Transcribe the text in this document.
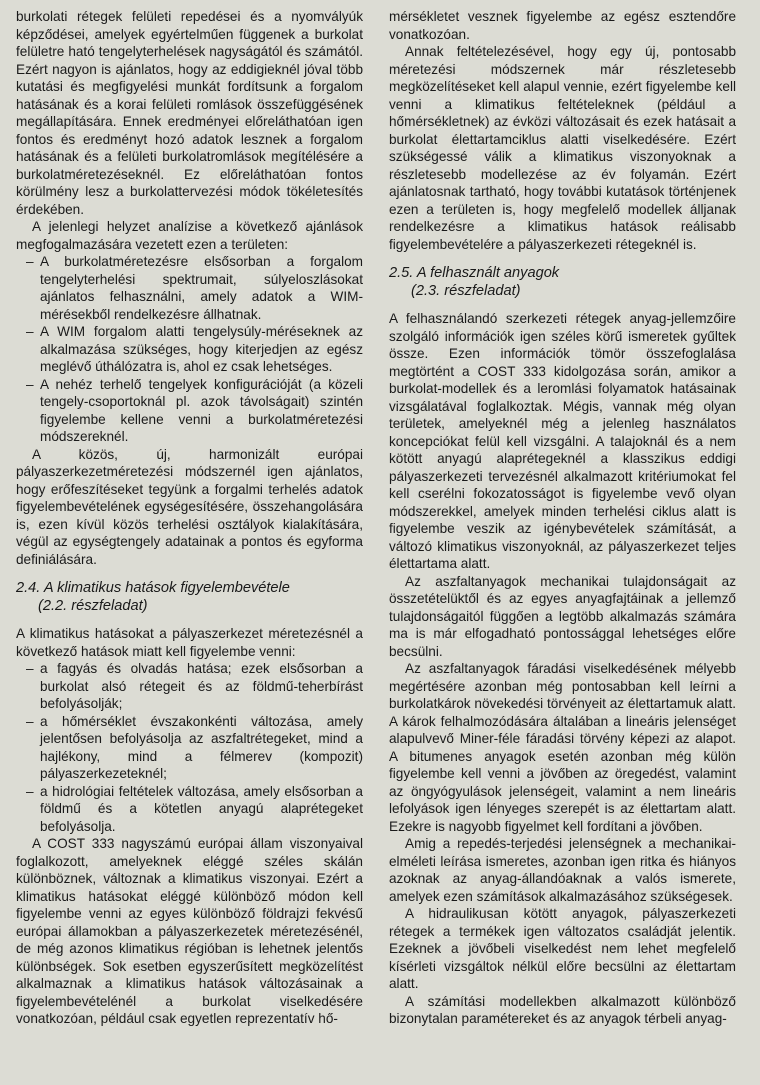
burkolati rétegek felületi repedései és a nyomvályúk képződései, amelyek egyértelműen függenek a burkolat felületre ható tengelyterhelések nagyságától és számától. Ezért nagyon is ajánlatos, hogy az eddigieknél jóval több kutatási és megfigyelési munkát fordítsunk a forgalom hatásának és a korai felületi romlások összefüggésének megállapítására. Ennek eredményei előreláthatóan igen fontos és eredményt hozó adatok lesznek a forgalom hatásának és a felületi burkolatromlások megítélésére a burkolatméretezéseknél. Ez előreláthatóan fontos körülmény lesz a burkolattervezési módok tökéletesítés érdekében.

A jelenlegi helyzet analízise a következő ajánlások megfogalmazására vezetett ezen a területen:

– A burkolatméretezésre elsősorban a forgalom tengelyterhelési spektrumait, súlyeloszlásokat ajánlatos felhasználni, amely adatok a WIM-mérésekből rendelkezésre állhatnak.
– A WIM forgalom alatti tengelysúly-méréseknek az alkalmazása szükséges, hogy kiterjedjen az egész meglévő úthálózatra is, ahol ez csak lehetséges.
– A nehéz terhelő tengelyek konfigurációját (a közeli tengely-csoportoknál pl. azok távolságait) szintén figyelembe kellene venni a burkolatméretezési módszereknél.

A közös, új, harmonizált európai pályaszerkezetméretezési módszernél igen ajánlatos, hogy erőfeszítéseket tegyünk a forgalmi terhelés adatok figyelembevételének egységesítésére, összehangolására is, ezen kívül közös terhelési osztályok kialakítására, végül az egységtengely adatainak a pontos és egyforma definiálására.

2.4. A klimatikus hatások figyelembevétele
(2.2. részfeladat)

A klimatikus hatásokat a pályaszerkezet méretezésnél a következő hatások miatt kell figyelembe venni:

– a fagyás és olvadás hatása; ezek elsősorban a burkolat alsó rétegeit és az földmű-teherbírást befolyásolják;
– a hőmérséklet évszakonkénti változása, amely jelentősen befolyásolja az aszfaltrétegeket, mind a hajlékony, mind a félmerev (kompozit) pályaszerkezeteknél;
– a hidrológiai feltételek változása, amely elsősorban a földmű és a kötetlen anyagú alaprétegeket befolyásolja.

A COST 333 nagyszámú európai állam viszonyaival foglalkozott, amelyeknek eléggé széles skálán különböznek, változnak a klimatikus viszonyai. Ezért a klimatikus hatásokat eléggé különböző módon kell figyelembe venni az egyes különböző földrajzi fekvésű európai államokban a pályaszerkezetek méretezésénél, de még azonos klimatikus régióban is lehetnek jelentős különbségek. Sok esetben egyszerűsített megközelítést alkalmaznak a klimatikus hatások változásainak a figyelembevételénél a burkolat viselkedésére vonatkozóan, például csak egyetlen reprezentatív hő-

mérsékletet vesznek figyelembe az egész esztendőre vonatkozóan.

Annak feltételezésével, hogy egy új, pontosabb méretezési módszernek már részletesebb megközelítéseket kell alapul vennie, ezért figyelembe kell venni a klimatikus feltételeknek (például a hőmérsékletnek) az évközi változásait és ezek hatásait a burkolat élettartamciklus alatti viselkedésére. Ezért szükségessé válik a klimatikus viszonyoknak a részletesebb modellezése az év folyamán. Ezért ajánlatosnak tartható, hogy további kutatások történjenek ezen a területen is, hogy megfelelő modellek álljanak rendelkezésre a klimatikus hatások reálisabb figyelembevételére a pályaszerkezeti rétegeknél is.

2.5. A felhasznált anyagok
(2.3. részfeladat)

A felhasználandó szerkezeti rétegek anyag-jellemzőire szolgáló információk igen széles körű ismeretek gyűltek össze. Ezen információk tömör összefoglalása megtörtént a COST 333 kidolgozása során, amikor a burkolat-modellek és a leromlási folyamatok hatásainak vizsgálatával foglalkoztak. Mégis, vannak még olyan területek, amelyeknél még a jelenleg használatos koncepciókat felül kell vizsgálni. A talajoknál és a nem kötött anyagú alaprétegeknél a klasszikus eddigi pályaszerkezeti tervezésnél alkalmazott kritériumokat fel kell cserélni fokozatosságot is figyelembe vevő olyan módszerekkel, amelyek minden terhelési ciklus alatt is figyelembe veszik az igénybevételek számítását, a változó klimatikus viszonyoknál, az pályaszerkezet teljes élettartama alatt.

Az aszfaltanyagok mechanikai tulajdonságait az összetételüktől és az egyes anyagfajtáinak a jellemző tulajdonságaitól függően a legtöbb alkalmazás számára ma is már elfogadható pontossággal lehetséges előre becsülni.

Az aszfaltanyagok fáradási viselkedésének mélyebb megértésére azonban még pontosabban kell leírni a burkolatkárok növekedési törvényeit az élettartamuk alatt. A károk felhalmozódására általában a lineáris jelenséget alapulvevő Miner-féle fáradási törvény képezi az alapot. A bitumenes anyagok esetén azonban még külön figyelembe kell venni a jövőben az öregedést, valamint az öngyógyulások jelenségeit, valamint a nem lineáris lefolyások igen lényeges szerepét is az élettartam alatt. Ezekre is nagyobb figyelmet kell fordítani a jövőben.

Amig a repedés-terjedési jelenségnek a mechanikai-elméleti leírása ismeretes, azonban igen ritka és hiányos azoknak az anyag-állandóaknak a valós ismerete, amelyek ezen számítások alkalmazásához szükségesek.

A hidraulikusan kötött anyagok, pályaszerkezeti rétegek a termékek igen változatos családját jelentik. Ezeknek a jövőbeli viselkedést nem lehet megfelelő kísérleti vizsgáltok nélkül előre becsülni az élettartam alatt.

A számítási modellekben alkalmazott különböző bizonytalan paramétereket és az anyagok térbeli anyag-
